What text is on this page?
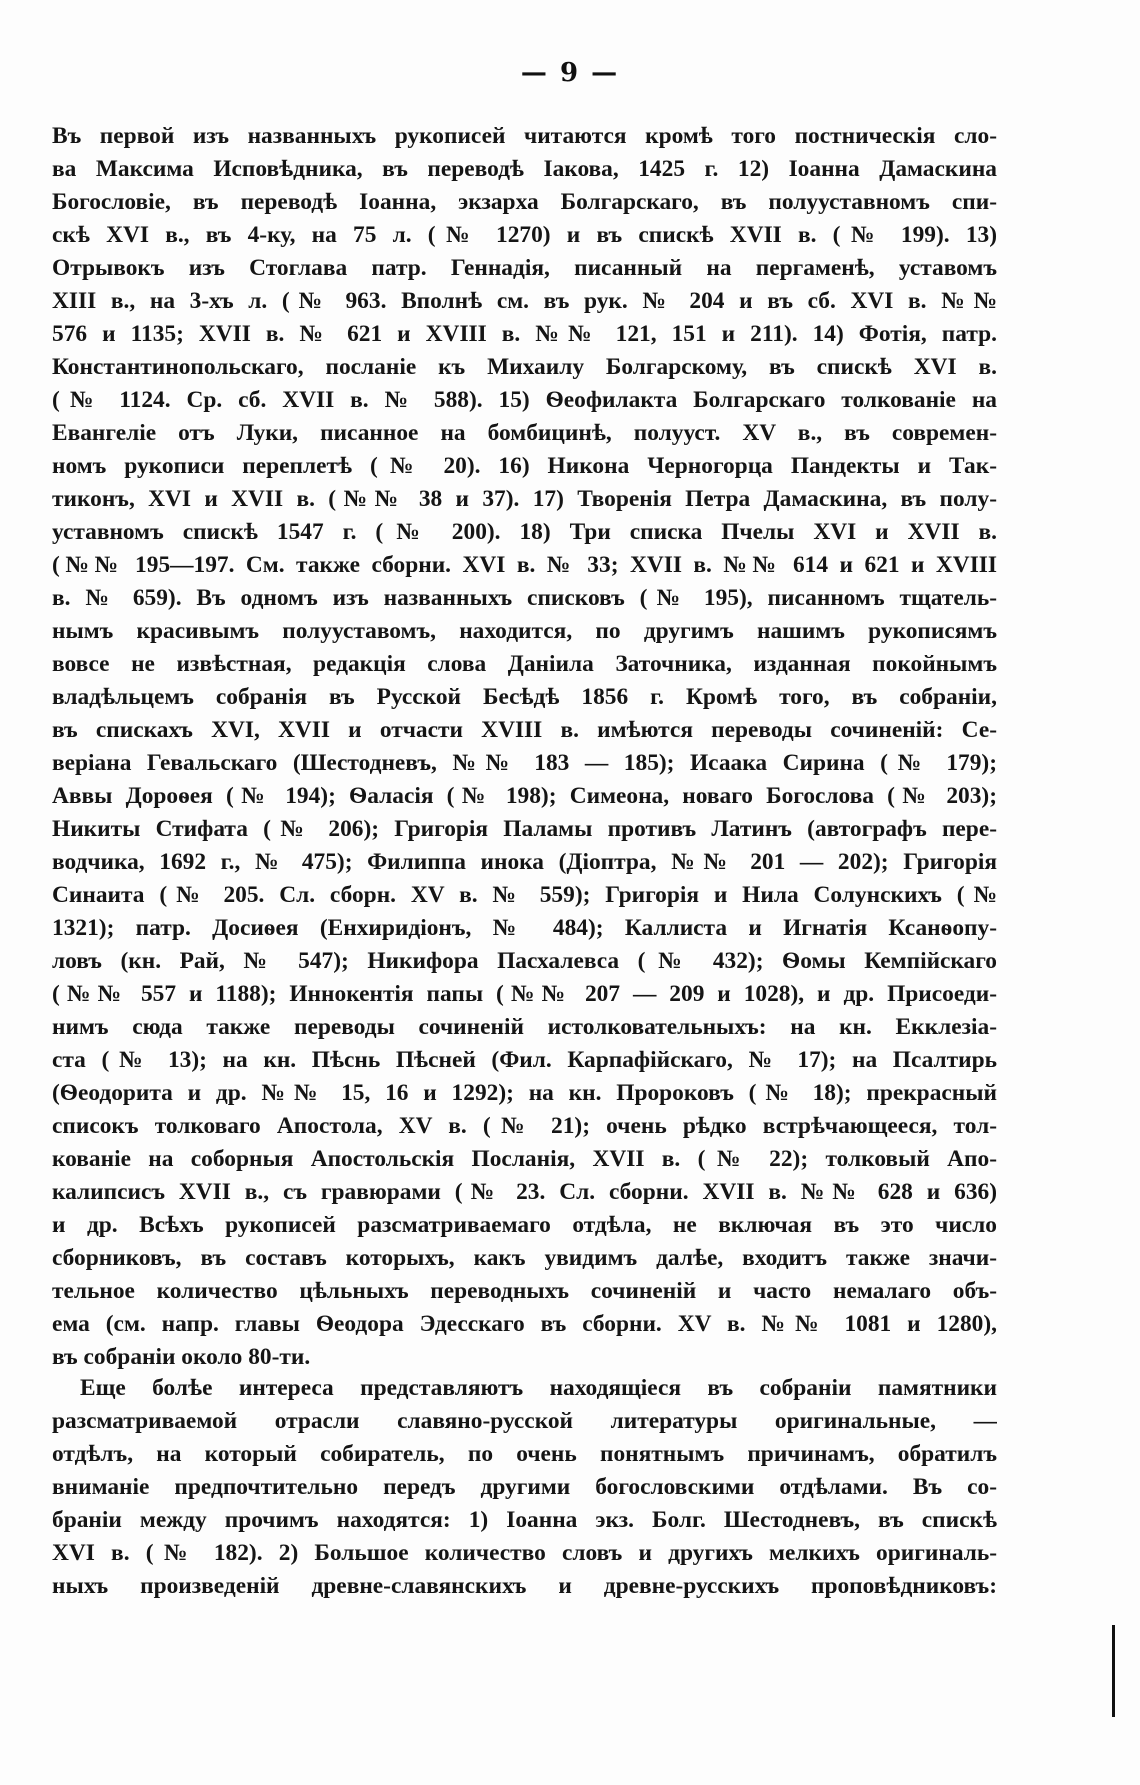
— 9 —
Въ первой изъ названныхъ рукописей читаются кромѣ того постническія сло-
ва Максима Исповѣдника, въ переводѣ Іакова, 1425 г. 12) Іоанна Дамаскина
Богословіе, въ переводѣ Іоанна, экзарха Болгарскаго, въ полууставномъ спи-
скѣ XVI в., въ 4-ку, на 75 л. (№ 1270) и въ спискѣ XVII в. (№ 199). 13)
Отрывокъ изъ Стоглава патр. Геннадія, писанный на пергаменѣ, уставомъ
XIII в., на 3-хъ л. (№ 963. Вполнѣ см. въ рук. № 204 и въ сб. XVI в. №№
576 и 1135; XVII в. № 621 и XVIII в. №№ 121, 151 и 211). 14) Фотія, патр.
Константинопольскаго, посланіе къ Михаилу Болгарскому, въ спискѣ XVI в.
(№ 1124. Ср. сб. XVII в. № 588). 15) Ѳеофилакта Болгарскаго толкованіе на
Евангеліе отъ Луки, писанное на бомбицинѣ, полууст. XV в., въ современ-
номъ рукописи переплетѣ (№ 20). 16) Никона Черногорца Пандекты и Так-
тиконъ, XVI и XVII в. (№№ 38 и 37). 17) Творенія Петра Дамаскина, въ полу-
уставномъ спискѣ 1547 г. (№ 200). 18) Три списка Пчелы XVI и XVII в.
(№№ 195—197. См. также сборни. XVI в. № 33; XVII в. №№ 614 и 621 и XVIII
в. № 659). Въ одномъ изъ названныхъ списковъ (№ 195), писанномъ тщатель-
нымъ красивымъ полууставомъ, находится, по другимъ нашимъ рукописямъ
вовсе не извѣстная, редакція слова Даніила Заточника, изданная покойнымъ
владѣльцемъ собранія въ Русской Бесѣдѣ 1856 г. Кромѣ того, въ собраніи,
въ спискахъ XVI, XVII и отчасти XVIII в. имѣются переводы сочиненій: Се-
веріана Гевальскаго (Шестодневъ, №№ 183 — 185); Исаака Сирина (№ 179);
Аввы Дороѳея (№ 194); Ѳаласія (№ 198); Симеона, новаго Богослова (№ 203);
Никиты Стифата (№ 206); Григорія Паламы противъ Латинъ (автографъ пере-
водчика, 1692 г., № 475); Филиппа инока (Діоптра, №№ 201 — 202); Григорія
Синаита (№ 205. Сл. сборн. XV в. № 559); Григорія и Нила Солунскихъ (№
1321); патр. Досиѳея (Енхиридіонъ, № 484); Каллиста и Игнатія Ксанѳопу-
ловъ (кн. Рай, № 547); Никифора Пасхалевса (№ 432); Ѳомы Кемпійскаго
(№№ 557 и 1188); Иннокентія папы (№№ 207 — 209 и 1028), и др. Присоеди-
нимъ сюда также переводы сочиненій истолковательныхъ: на кн. Екклезіа-
ста (№ 13); на кн. Пѣснь Пѣсней (Фил. Карпафійскаго, № 17); на Псалтирь
(Ѳеодорита и др. №№ 15, 16 и 1292); на кн. Пророковъ (№ 18); прекрасный
списокъ толковаго Апостола, XV в. (№ 21); очень рѣдко встрѣчающееся, тол-
кованіе на соборныя Апостольскія Посланія, XVII в. (№ 22); толковый Апо-
калипсисъ XVII в., съ гравюрами (№ 23. Сл. сборни. XVII в. №№ 628 и 636)
и др. Всѣхъ рукописей разсматриваемаго отдѣла, не включая въ это число
сборниковъ, въ составъ которыхъ, какъ увидимъ далѣе, входитъ также значи-
тельное количество цѣльныхъ переводныхъ сочиненій и часто немалаго объ-
ема (см. напр. главы Ѳеодора Эдесскаго въ сборни. XV в. №№ 1081 и 1280),
въ собраніи около 80-ти.
Еще болѣе интереса представляютъ находящіеся въ собраніи памятники
разсматриваемой отрасли славяно-русской литературы оригинальные, —
отдѣлъ, на который собиратель, по очень понятнымъ причинамъ, обратилъ
вниманіе предпочтительно передъ другими богословскими отдѣлами. Въ со-
браніи между прочимъ находятся: 1) Іоанна экз. Болг. Шестодневъ, въ спискѣ
XVI в. (№ 182). 2) Большое количество словъ и другихъ мелкихъ оригиналь-
ныхъ произведеній древне-славянскихъ и древне-русскихъ проповѣдниковъ:
